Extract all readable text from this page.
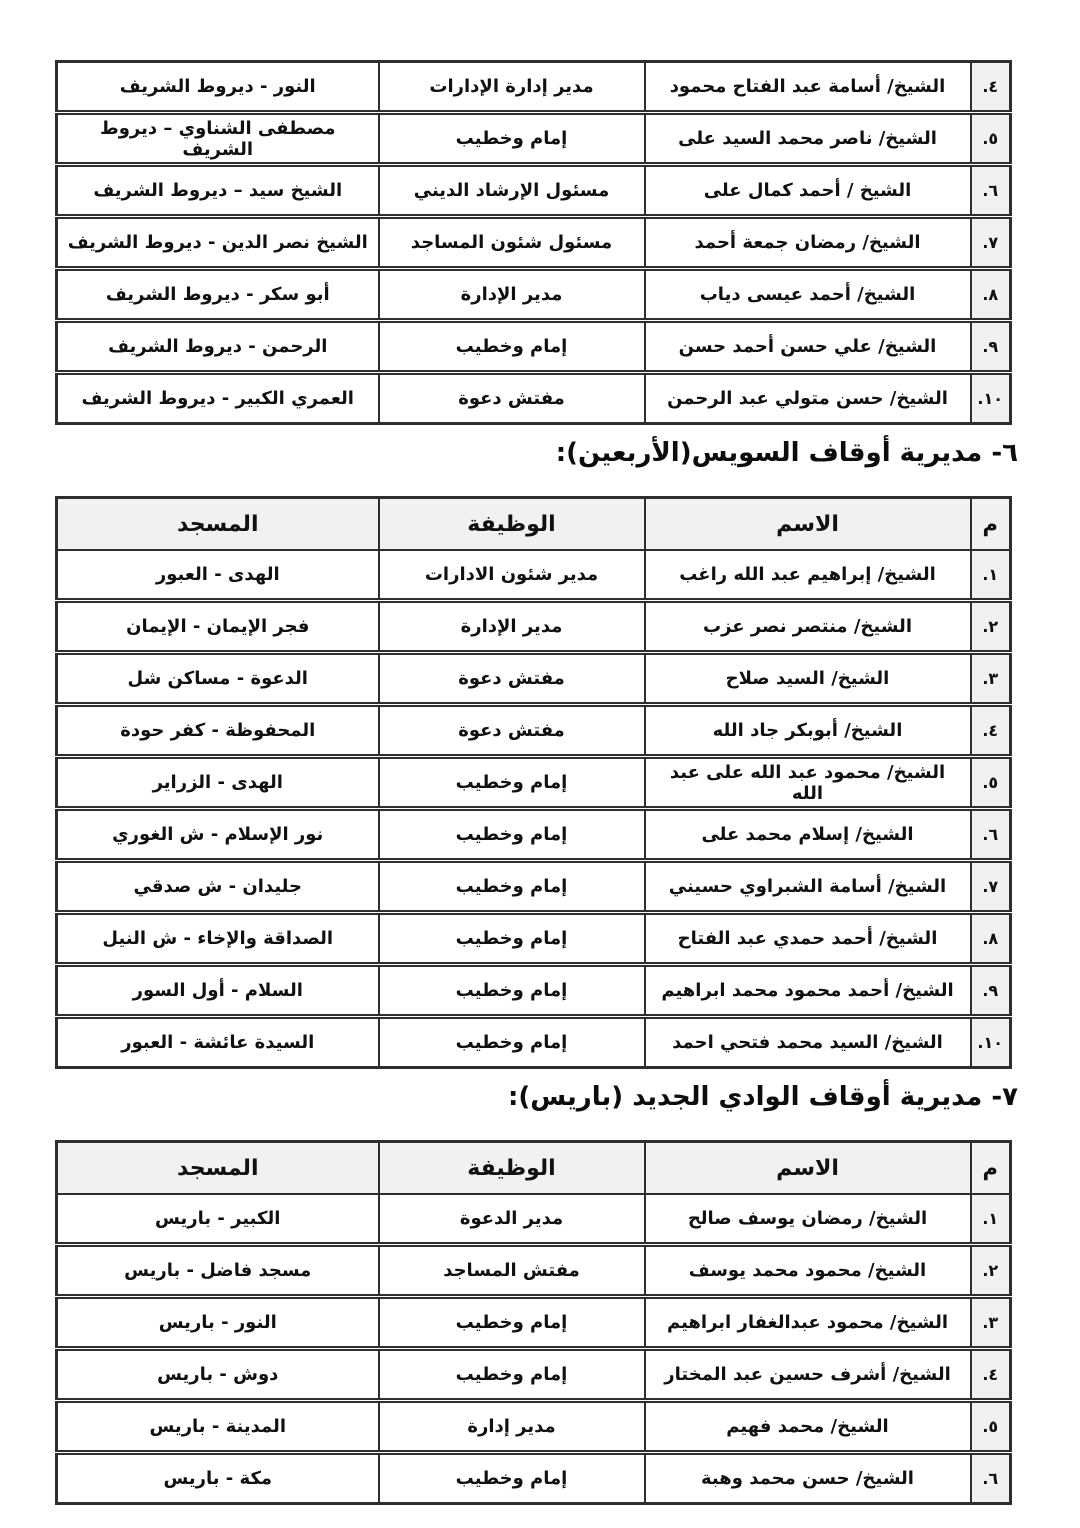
٤.	الشيخ/ أسامة عبد الفتاح محمود	مدير إدارة الإدارات	النور - ديروط الشريف
٥.	الشيخ/ ناصر محمد السيد على	إمام وخطيب	مصطفى الشناوي – ديروط الشريف
٦.	الشيخ / أحمد كمال على	مسئول الإرشاد الديني	الشيخ سيد – ديروط الشريف
٧.	الشيخ/ رمضان جمعة أحمد	مسئول شئون المساجد	الشيخ نصر الدين - ديروط الشريف
٨.	الشيخ/ أحمد عيسى دياب	مدير الإدارة	أبو سكر - ديروط الشريف
٩.	الشيخ/ علي حسن أحمد حسن	إمام وخطيب	الرحمن - ديروط الشريف
١٠.	الشيخ/ حسن متولي عبد الرحمن	مفتش دعوة	العمري الكبير - ديروط الشريف
٦- مديرية أوقاف السويس(الأربعين):
م	الاسم	الوظيفة	المسجد
١.	الشيخ/ إبراهيم عبد الله راغب	مدير شئون الادارات	الهدى - العبور
٢.	الشيخ/ منتصر نصر عزب	مدير الإدارة	فجر الإيمان - الإيمان
٣.	الشيخ/ السيد صلاح	مفتش دعوة	الدعوة - مساكن شل
٤.	الشيخ/ أبوبكر جاد الله	مفتش دعوة	المحفوظة - كفر حودة
٥.	الشيخ/ محمود عبد الله على عبد الله	إمام وخطيب	الهدى - الزراير
٦.	الشيخ/ إسلام محمد على	إمام وخطيب	نور الإسلام - ش الغوري
٧.	الشيخ/ أسامة الشبراوي حسيني	إمام وخطيب	جليدان - ش صدقي
٨.	الشيخ/ أحمد حمدي عبد الفتاح	إمام وخطيب	الصداقة والإخاء - ش النيل
٩.	الشيخ/ أحمد محمود محمد ابراهيم	إمام وخطيب	السلام - أول السور
١٠.	الشيخ/ السيد محمد فتحي احمد	إمام وخطيب	السيدة عائشة - العبور
٧- مديرية أوقاف الوادي الجديد (باريس):
م	الاسم	الوظيفة	المسجد
١.	الشيخ/ رمضان يوسف صالح	مدير الدعوة	الكبير - باريس
٢.	الشيخ/ محمود محمد يوسف	مفتش المساجد	مسجد فاضل - باريس
٣.	الشيخ/ محمود عبدالغفار ابراهيم	إمام وخطيب	النور - باريس
٤.	الشيخ/ أشرف حسين عبد المختار	إمام وخطيب	دوش - باريس
٥.	الشيخ/ محمد فهيم	مدير إدارة	المدينة - باريس
٦.	الشيخ/ حسن محمد وهبة	إمام وخطيب	مكة - باريس
